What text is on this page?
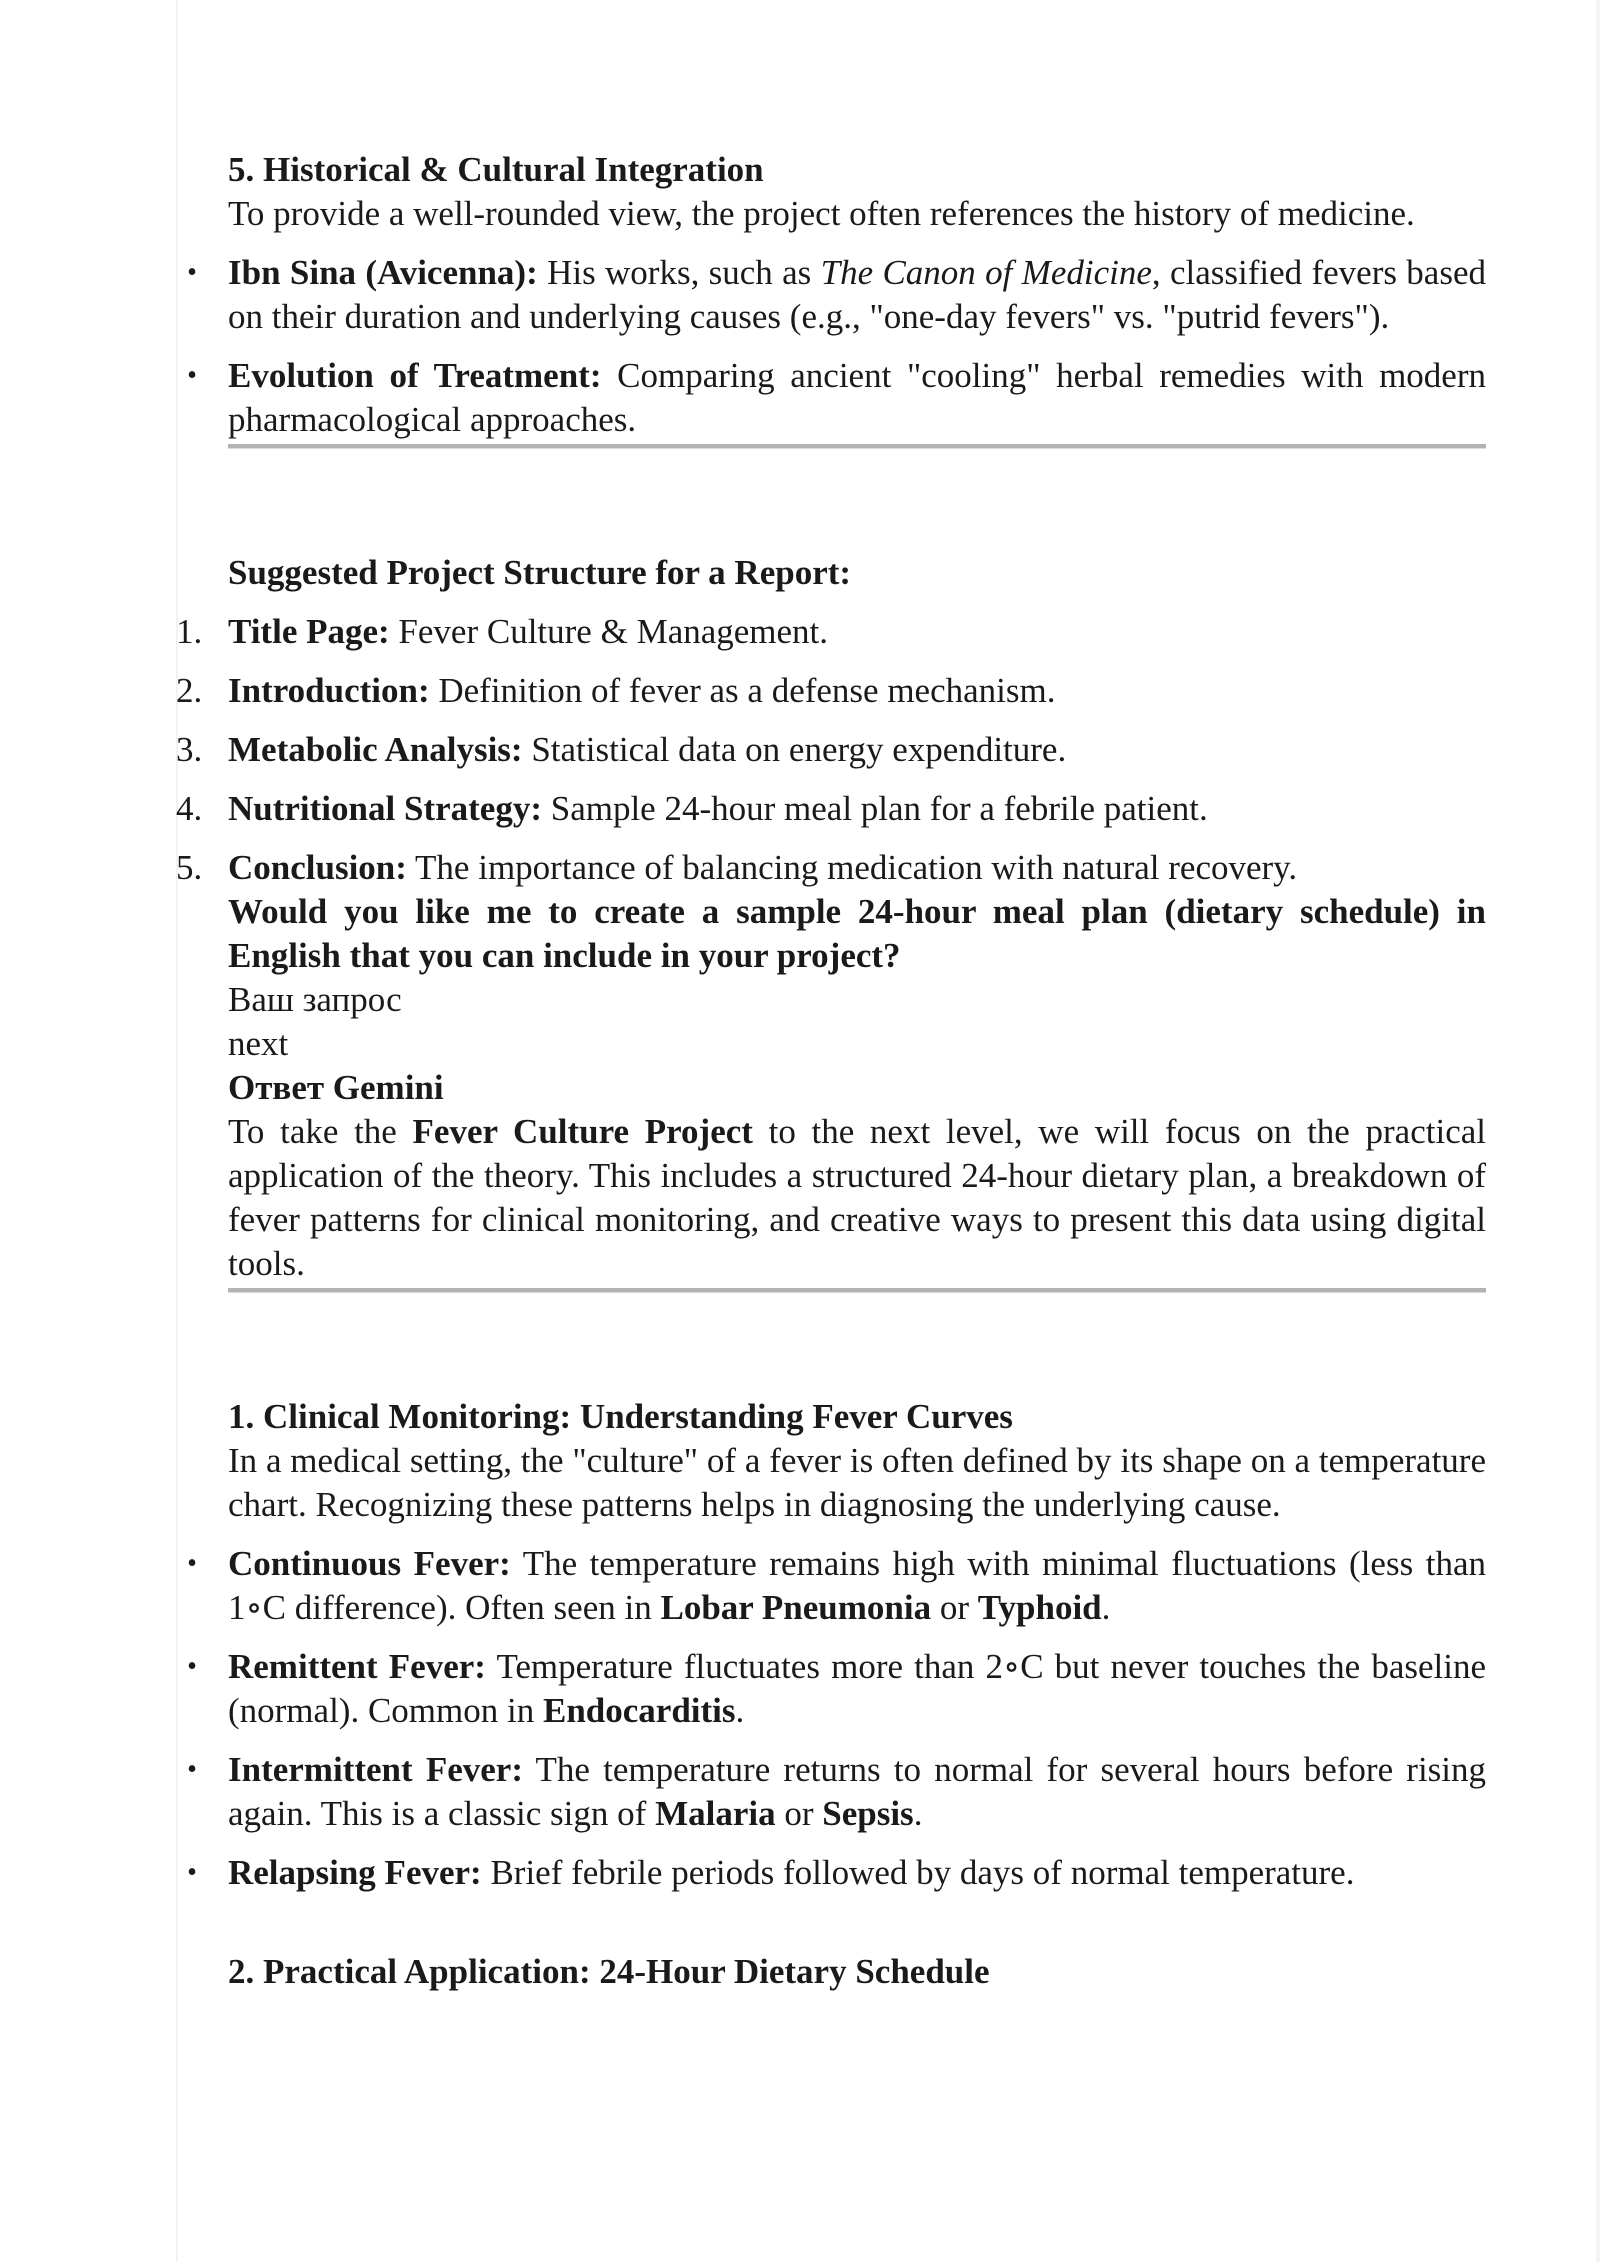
5. Historical & Cultural Integration
To provide a well-rounded view, the project often references the history of medicine.
• Ibn Sina (Avicenna): His works, such as The Canon of Medicine, classified fevers based on their duration and underlying causes (e.g., "one-day fevers" vs. "putrid fevers").
• Evolution of Treatment: Comparing ancient "cooling" herbal remedies with modern pharmacological approaches.
Suggested Project Structure for a Report:
1. Title Page: Fever Culture & Management.
2. Introduction: Definition of fever as a defense mechanism.
3. Metabolic Analysis: Statistical data on energy expenditure.
4. Nutritional Strategy: Sample 24-hour meal plan for a febrile patient.
5. Conclusion: The importance of balancing medication with natural recovery.
Would you like me to create a sample 24-hour meal plan (dietary schedule) in English that you can include in your project?
Ваш запрос
next
Ответ Gemini
To take the Fever Culture Project to the next level, we will focus on the practical application of the theory. This includes a structured 24-hour dietary plan, a breakdown of fever patterns for clinical monitoring, and creative ways to present this data using digital tools.
1. Clinical Monitoring: Understanding Fever Curves
In a medical setting, the "culture" of a fever is often defined by its shape on a temperature chart. Recognizing these patterns helps in diagnosing the underlying cause.
• Continuous Fever: The temperature remains high with minimal fluctuations (less than 1∘C difference). Often seen in Lobar Pneumonia or Typhoid.
• Remittent Fever: Temperature fluctuates more than 2∘C but never touches the baseline (normal). Common in Endocarditis.
• Intermittent Fever: The temperature returns to normal for several hours before rising again. This is a classic sign of Malaria or Sepsis.
• Relapsing Fever: Brief febrile periods followed by days of normal temperature.
2. Practical Application: 24-Hour Dietary Schedule
